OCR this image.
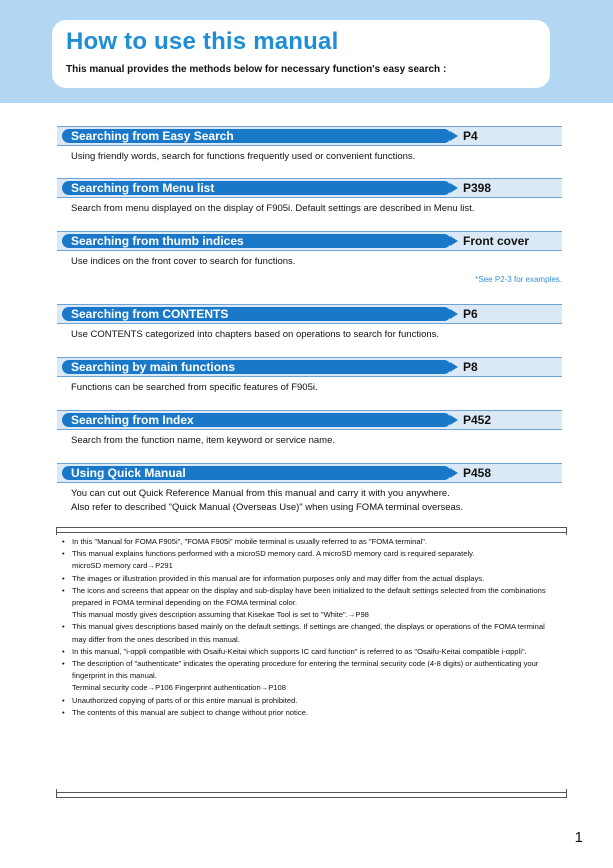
How to use this manual
This manual provides the methods below for necessary function's easy search :
Searching from Easy Search	P4
Using friendly words, search for functions frequently used or convenient functions.
Searching from Menu list	P398
Search from menu displayed on the display of F905i. Default settings are described in Menu list.
Searching from thumb indices	Front cover
Use indices on the front cover to search for functions.
*See P2-3 for examples.
Searching from CONTENTS	P6
Use CONTENTS categorized into chapters based on operations to search for functions.
Searching by main functions	P8
Functions can be searched from specific features of F905i.
Searching from Index	P452
Search from the function name, item keyword or service name.
Using Quick Manual	P458
You can cut out Quick Reference Manual from this manual and carry it with you anywhere.
Also refer to described "Quick Manual (Overseas Use)" when using FOMA terminal overseas.
• In this "Manual for FOMA F905i", "FOMA F905i" mobile terminal is usually referred to as "FOMA terminal".
• This manual explains functions performed with a microSD memory card. A microSD memory card is required separately.
microSD memory card→P291
• The images or illustration provided in this manual are for information purposes only and may differ from the actual displays.
• The icons and screens that appear on the display and sub-display have been initialized to the default settings selected from the combinations prepared in FOMA terminal depending on the FOMA terminal color.
This manual mostly gives description assuming that Kisekae Tool is set to "White".→P98
• This manual gives descriptions based mainly on the default settings. If settings are changed, the displays or operations of the FOMA terminal may differ from the ones described in this manual.
• In this manual, "i-αppli compatible with Osaifu-Keitai which supports IC card function" is referred to as "Osaifu-Keitai compatible i-αppli".
• The description of "authenticate" indicates the operating procedure for entering the terminal security code (4-8 digits) or authenticating your fingerprint in this manual.
Terminal security code→P106 Fingerprint authentication→P108
• Unauthorized copying of parts of or this entire manual is prohibited.
• The contents of this manual are subject to change without prior notice.
1
